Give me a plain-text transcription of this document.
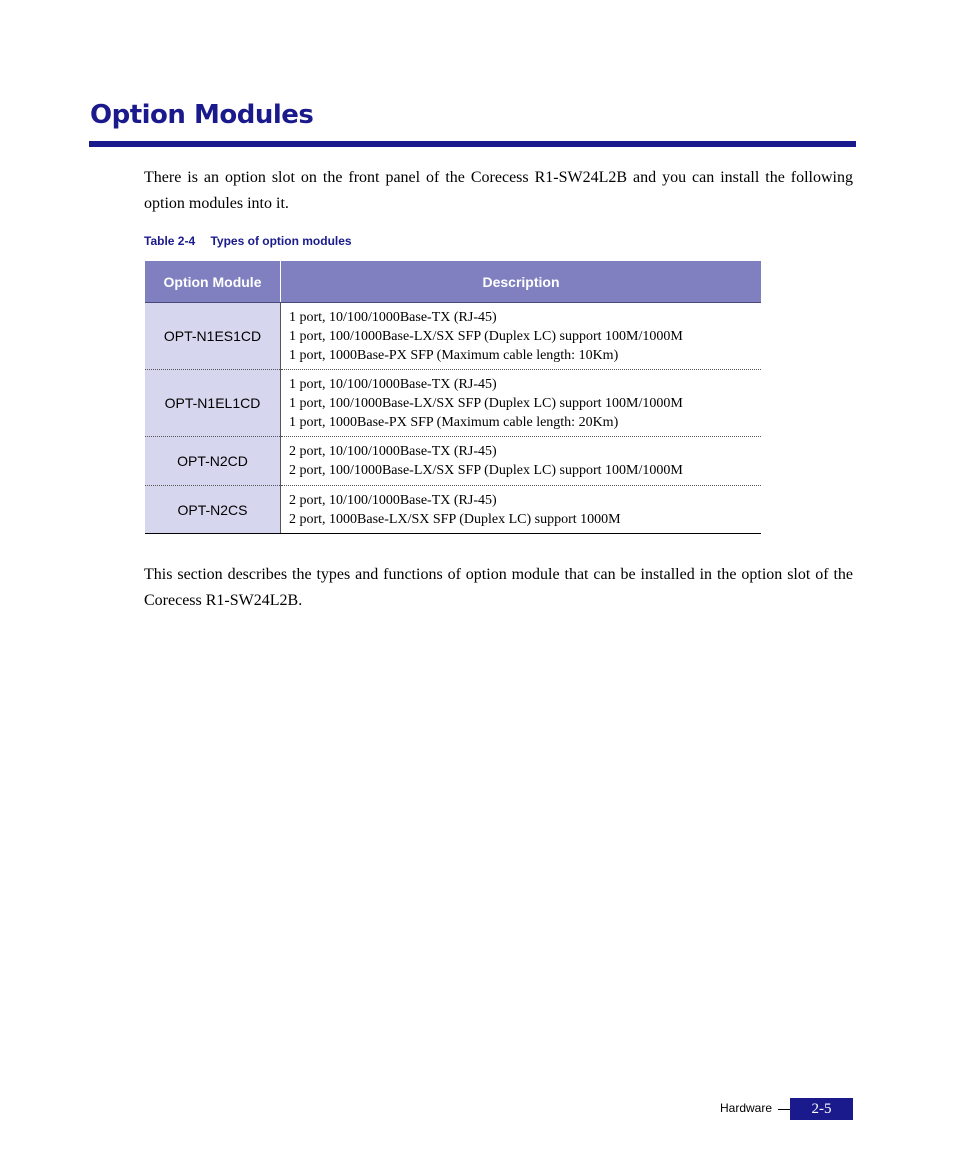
Option Modules

There is an option slot on the front panel of the Corecess R1-SW24L2B and you can install the following option modules into it.

Table 2-4 Types of option modules

Option Module	Description
OPT-N1ES1CD	1 port, 10/100/1000Base-TX (RJ-45)
1 port, 100/1000Base-LX/SX SFP (Duplex LC) support 100M/1000M
1 port, 1000Base-PX SFP (Maximum cable length: 10Km)

OPT-N1EL1CD	1 port, 10/100/1000Base-TX (RJ-45)
1 port, 100/1000Base-LX/SX SFP (Duplex LC) support 100M/1000M
1 port, 1000Base-PX SFP (Maximum cable length: 20Km)

OPT-N2CD	2 port, 10/100/1000Base-TX (RJ-45)
2 port, 100/1000Base-LX/SX SFP (Duplex LC) support 100M/1000M

OPT-N2CS	2 port, 10/100/1000Base-TX (RJ-45)
2 port, 1000Base-LX/SX SFP (Duplex LC) support 1000M

This section describes the types and functions of option module that can be installed in the option slot of the Corecess R1-SW24L2B.

Hardware	2-5
